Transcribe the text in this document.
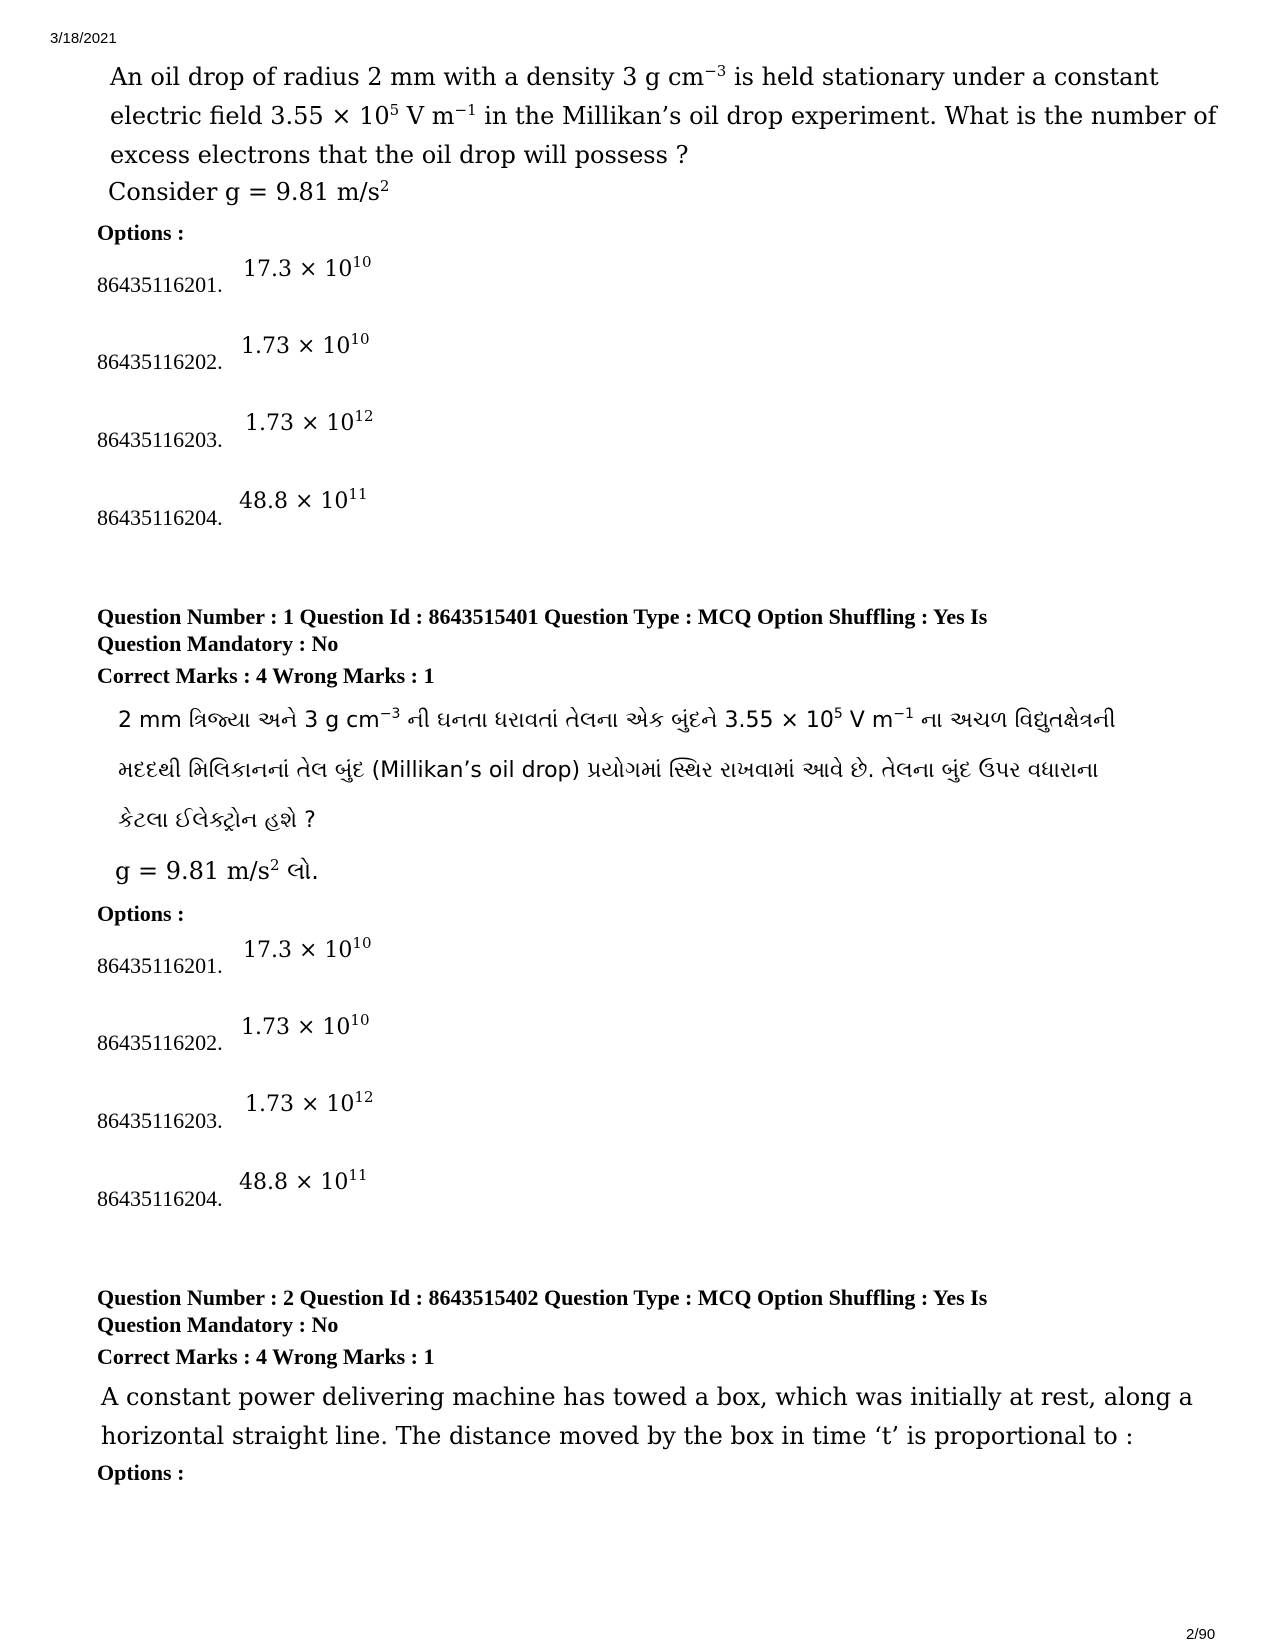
3/18/2021
An oil drop of radius 2 mm with a density 3 g $cm^{-3}$ is held stationary under a constant
electric field $3.55 \times 10^5$ V $m^{-1}$ in the Millikan’s oil drop experiment. What is the number of
excess electrons that the oil drop will possess ?
Consider g = 9.81 $m/s^2$
Options :
86435116201.
$17.3 \times 10^{10}$
86435116202.
$1.73 \times 10^{10}$
86435116203.
$1.73 \times 10^{12}$
86435116204.
$48.8 \times 10^{11}$
Question Number : 1 Question Id : 8643515401 Question Type : MCQ Option Shuffling : Yes Is
Question Mandatory : No
Correct Marks : 4 Wrong Marks : 1
2 mm ત્રિજ્યા અને 3 g $cm^{-3}$ ની ઘનતા ધરાવતાં તેલના એક બુંદને $3.55 \times 10^5$ V $m^{-1}$ ના અચળ વિદ્યુતક્ષેત્રની
મદદથી મિલિકાનનાં તેલ બુંદ (Millikan’s oil drop) પ્રયોગમાં સ્થિર રાખવામાં આવે છે. તેલના બુંદ ઉપર વધારાના
કેટલા ઈલેક્ટ્રોન હશે ?
g = 9.81 $m/s^2$ લો.
Options :
86435116201.
$17.3 \times 10^{10}$
86435116202.
$1.73 \times 10^{10}$
86435116203.
$1.73 \times 10^{12}$
86435116204.
$48.8 \times 10^{11}$
Question Number : 2 Question Id : 8643515402 Question Type : MCQ Option Shuffling : Yes Is
Question Mandatory : No
Correct Marks : 4 Wrong Marks : 1
A constant power delivering machine has towed a box, which was initially at rest, along a
horizontal straight line. The distance moved by the box in time ‘t’ is proportional to :
Options :
2/90
